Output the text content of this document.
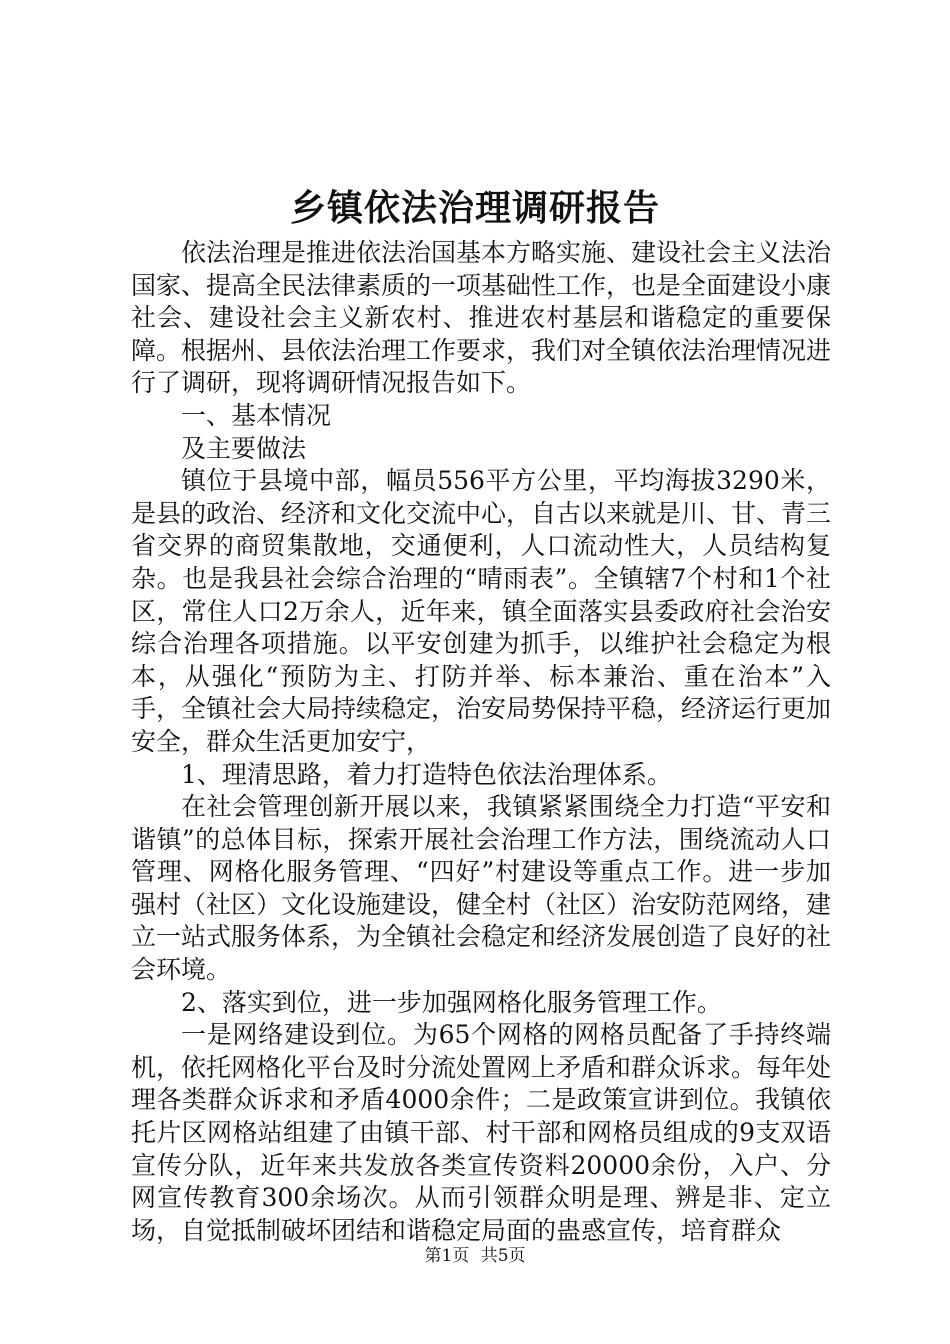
乡镇依法治理调研报告

依法治理是推进依法治国基本方略实施、建设社会主义法治国家、提高全民法律素质的一项基础性工作，也是全面建设小康社会、建设社会主义新农村、推进农村基层和谐稳定的重要保障。根据州、县依法治理工作要求，我们对全镇依法治理情况进行了调研，现将调研情况报告如下。

一、基本情况

及主要做法

镇位于县境中部，幅员556平方公里，平均海拔3290米，是县的政治、经济和文化交流中心，自古以来就是川、甘、青三省交界的商贸集散地，交通便利，人口流动性大，人员结构复杂。也是我县社会综合治理的“晴雨表”。全镇辖7个村和1个社区，常住人口2万余人，近年来，镇全面落实县委政府社会治安综合治理各项措施。以平安创建为抓手，以维护社会稳定为根本，从强化“预防为主、打防并举、标本兼治、重在治本”入手，全镇社会大局持续稳定，治安局势保持平稳，经济运行更加安全，群众生活更加安宁，

1、理清思路，着力打造特色依法治理体系。

在社会管理创新开展以来，我镇紧紧围绕全力打造“平安和谐镇”的总体目标，探索开展社会治理工作方法，围绕流动人口管理、网格化服务管理、“四好”村建设等重点工作。进一步加强村（社区）文化设施建设，健全村（社区）治安防范网络，建立一站式服务体系，为全镇社会稳定和经济发展创造了良好的社会环境。

2、落实到位，进一步加强网格化服务管理工作。

一是网络建设到位。为65个网格的网格员配备了手持终端机，依托网格化平台及时分流处置网上矛盾和群众诉求。每年处理各类群众诉求和矛盾4000余件；二是政策宣讲到位。我镇依托片区网格站组建了由镇干部、村干部和网格员组成的9支双语宣传分队，近年来共发放各类宣传资料20000余份，入户、分网宣传教育300余场次。从而引领群众明是理、辨是非、定立场，自觉抵制破坏团结和谐稳定局面的蛊惑宣传，培育群众

第1页 共5页
